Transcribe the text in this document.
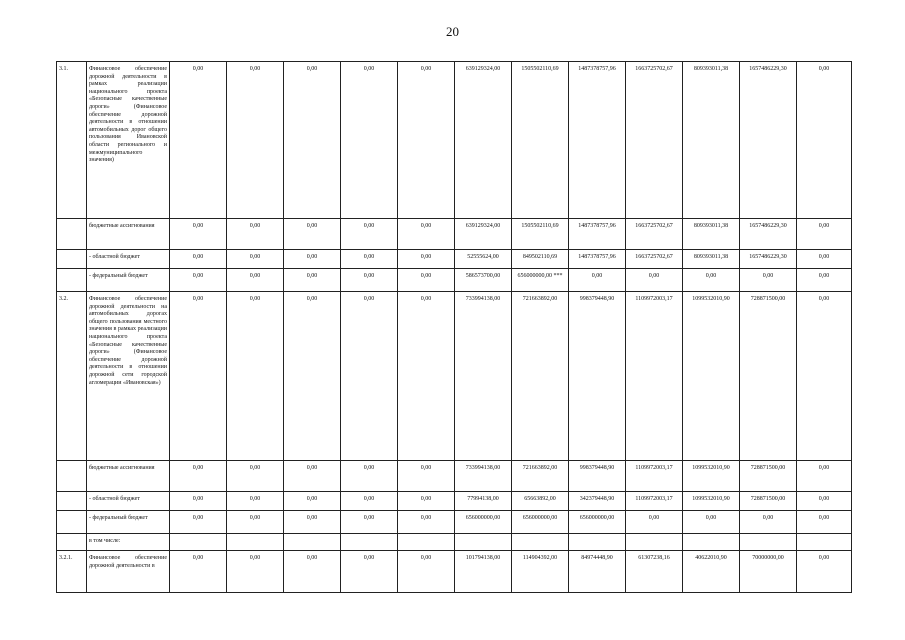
20
3.1.	Финансовое обеспечение дорожной деятельности в рамках реализации национального проекта «Безопасные качественные дороги» (Финансовое обеспечение дорожной деятельности в отношении автомобильных дорог общего пользования Ивановской области регионального и межмуниципального значения)	0,00	0,00	0,00	0,00	0,00	639129324,00	1505502110,69	1487378757,96	1663725702,67	809393011,38	1657486229,30	0,00
	бюджетные ассигнования	0,00	0,00	0,00	0,00	0,00	639129324,00	1505502110,69	1487378757,96	1663725702,67	809393011,38	1657486229,30	0,00
	- областной бюджет	0,00	0,00	0,00	0,00	0,00	52555624,00	849502110,69	1487378757,96	1663725702,67	809393011,38	1657486229,30	0,00
	- федеральный бюджет	0,00	0,00	0,00	0,00	0,00	586573700,00	656000000,00 ***	0,00	0,00	0,00	0,00	0,00
3.2.	Финансовое обеспечение дорожной деятельности на автомобильных дорогах общего пользования местного значения в рамках реализации национального проекта «Безопасные качественные дороги» (Финансовое обеспечение дорожной деятельности в отношении дорожной сети городской агломерации «Ивановская»)	0,00	0,00	0,00	0,00	0,00	733994138,00	721663892,00	998379448,90	1109972003,17	1099532010,90	728871500,00	0,00
	бюджетные ассигнования	0,00	0,00	0,00	0,00	0,00	733994138,00	721663892,00	998379448,90	1109972003,17	1099532010,90	728871500,00	0,00
	- областной бюджет	0,00	0,00	0,00	0,00	0,00	77994138,00	65663892,00	342379448,90	1109972003,17	1099532010,90	728871500,00	0,00
	- федеральный бюджет	0,00	0,00	0,00	0,00	0,00	656000000,00	656000000,00	656000000,00	0,00	0,00	0,00	0,00
	в том числе:												
3.2.1.	Финансовое обеспечение дорожной деятельности в	0,00	0,00	0,00	0,00	0,00	101794138,00	114904392,00	84974448,90	61307238,16	40622010,90	70000000,00	0,00
